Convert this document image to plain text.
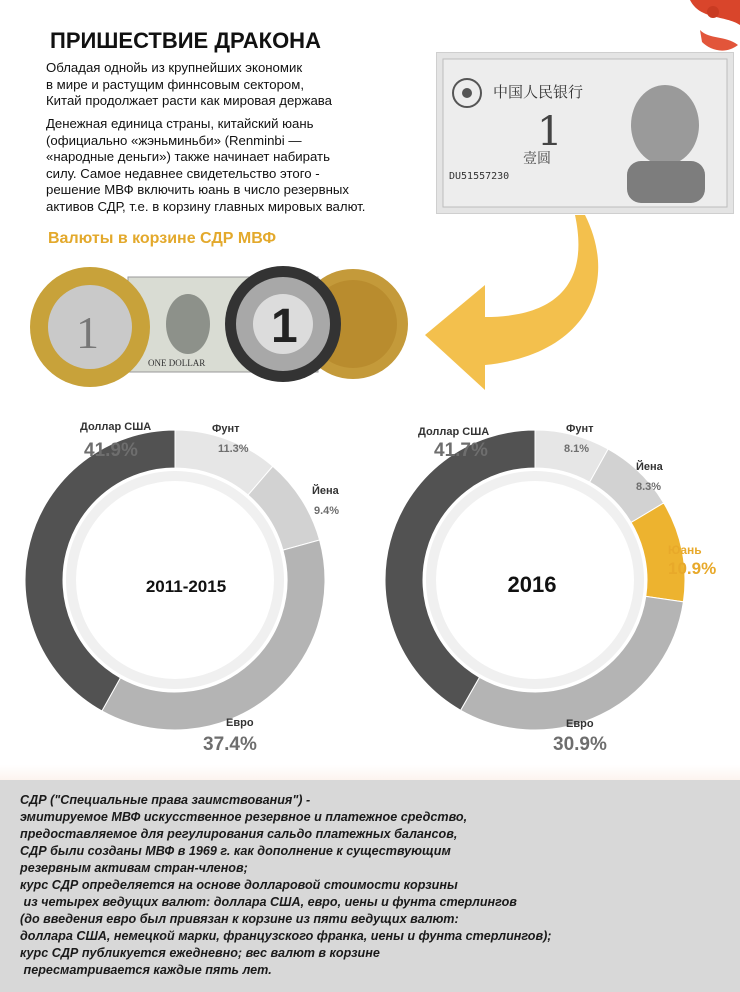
ПРИШЕСТВИЕ ДРАКОНА
Обладая однойь из крупнейших экономик
в мире и растущим финнсовым сектором,
Китай продолжает расти как мировая держава
Денежная единица страны, китайский юань
(официально «жэньминьби» (Renminbi —
«народные деньги») также начинает набирать
силу. Самое недавнее свидетельство этого -
решение МВФ включить юань в число резервных
активов СДР, т.е. в корзину главных мировых валют.
中国人民银行
1
壹圆
DU51557230
Валюты в корзине СДР МВФ
ONE DOLLAR
1	1
Доллар США
41.9%
Фунт
11.3%
Йена
9.4%
Евро
37.4%
2011-2015
Доллар США
41.7%
Фунт
8.1%
Йена
8.3%
Юань
10.9%
Евро
30.9%
2016
СДР ("Специальные права заимствования") -
эмитируемое МВФ искусственное резервное и платежное средство,
предоставляемое для регулирования сальдо платежных балансов,
СДР были созданы МВФ в 1969 г. как дополнение к существующим
резервным активам стран-членов;
курс СДР определяется на основе долларовой стоимости корзины
из четырех ведущих валют: доллара США, евро, иены и фунта стерлингов
(до введения евро был привязан к корзине из пяти ведущих валют:
доллара США, немецкой марки, французского франка, иены и фунта стерлингов);
курс СДР публикуется ежедневно; вес валют в корзине
пересматривается каждые пять лет.
